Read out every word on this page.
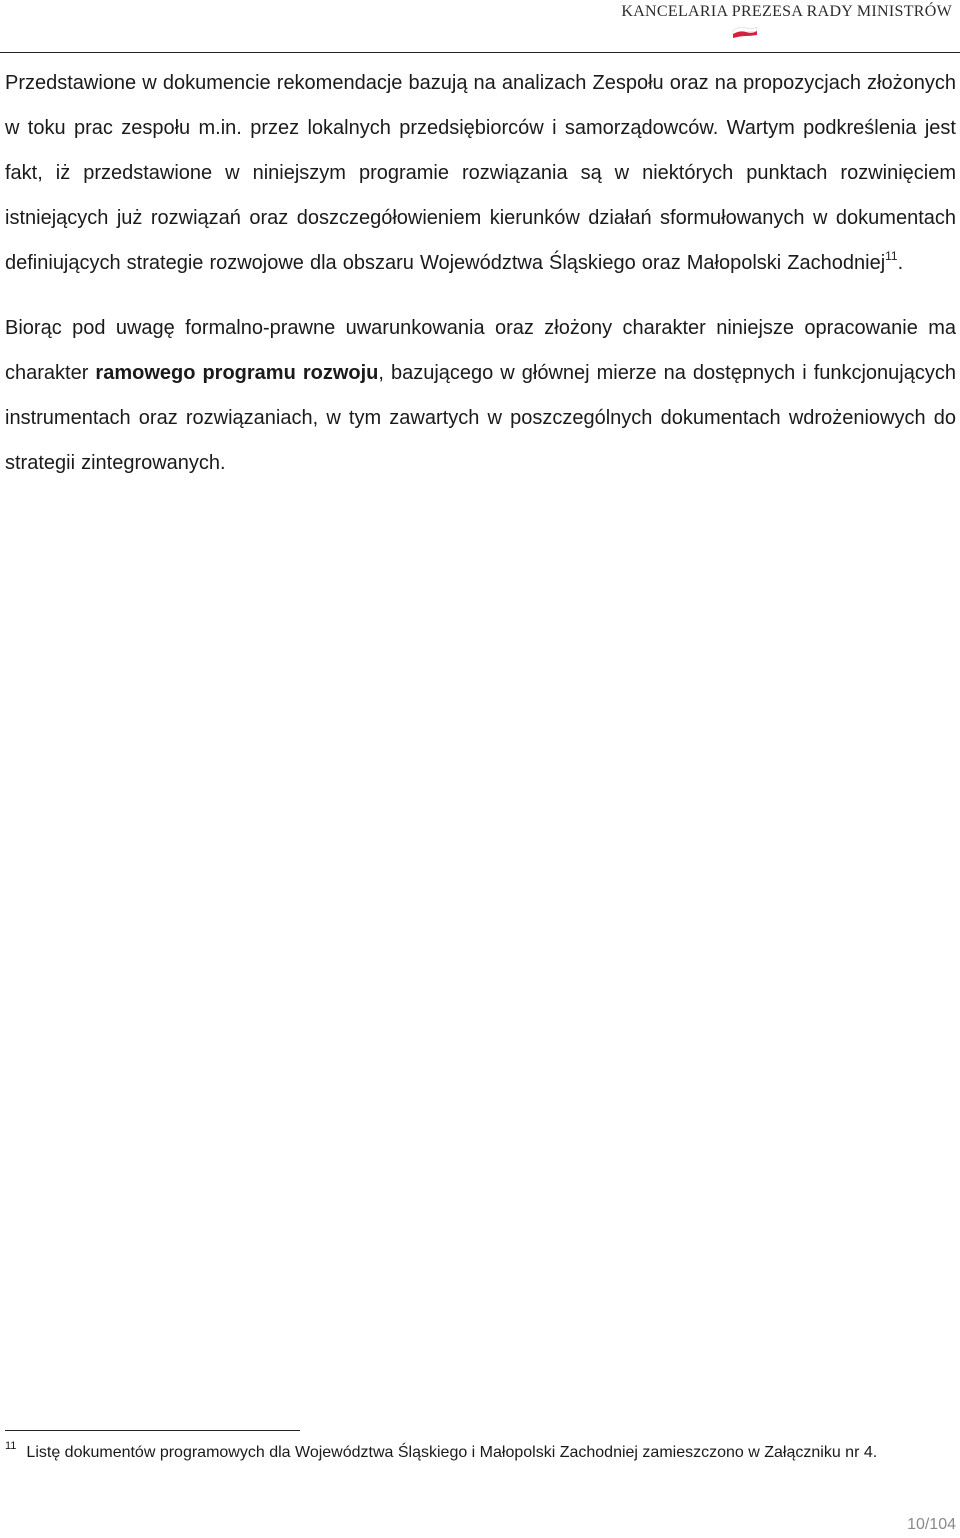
KANCELARIA PREZESA RADY MINISTRÓW

Przedstawione w dokumencie rekomendacje bazują na analizach Zespołu oraz na propozycjach złożonych w toku prac zespołu m.in. przez lokalnych przedsiębiorców i samorządowców. Wartym podkreślenia jest fakt, iż przedstawione w niniejszym programie rozwiązania są w niektórych punktach rozwinięciem istniejących już rozwiązań oraz doszczegółowieniem kierunków działań sformułowanych w dokumentach definiujących strategie rozwojowe dla obszaru Województwa Śląskiego oraz Małopolski Zachodniej$^{11}$.

Biorąc pod uwagę formalno-prawne uwarunkowania oraz złożony charakter niniejsze opracowanie ma charakter ramowego programu rozwoju, bazującego w głównej mierze na dostępnych i funkcjonujących instrumentach oraz rozwiązaniach, w tym zawartych w poszczególnych dokumentach wdrożeniowych do strategii zintegrowanych.

$^{11}$ Listę dokumentów programowych dla Województwa Śląskiego i Małopolski Zachodniej zamieszczono w Załączniku nr 4.
10/104
